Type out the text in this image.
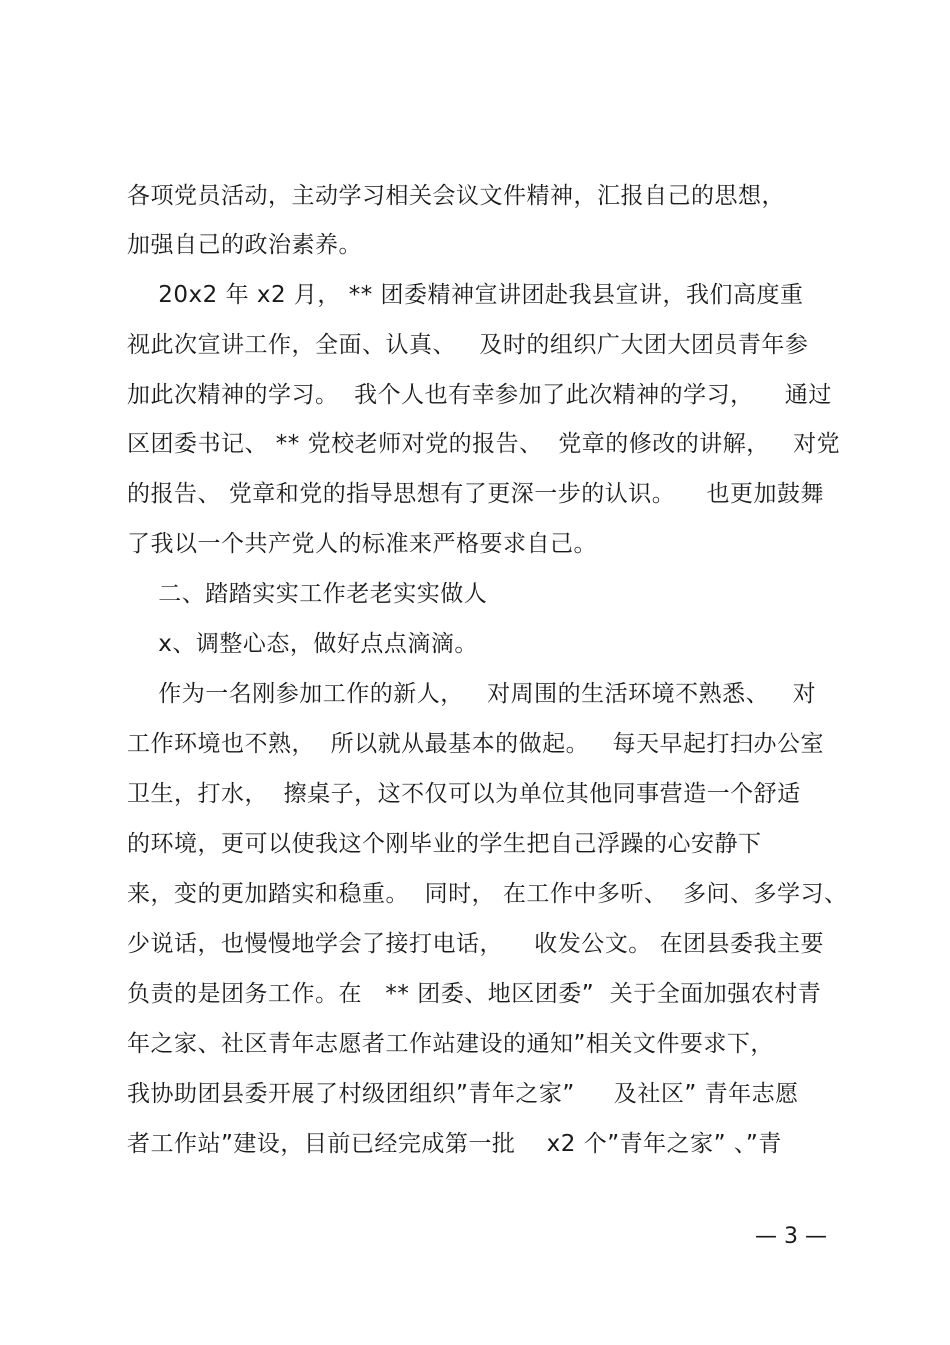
各项党员活动，主动学习相关会议文件精神，汇报自己的思想，
加强自己的政治素养。
20x2 年 x2 月， ** 团委精神宣讲团赴我县宣讲，我们高度重
视此次宣讲工作，全面、认真、   及时的组织广大团大团员青年参
加此次精神的学习。  我个人也有幸参加了此次精神的学习，    通过
区团委书记、 ** 党校老师对党的报告、  党章的修改的讲解，   对党
的报告、 党章和党的指导思想有了更深一步的认识。    也更加鼓舞
了我以一个共产党人的标准来严格要求自己。
二、踏踏实实工作老老实实做人
x、调整心态，做好点点滴滴。
作为一名刚参加工作的新人，   对周围的生活环境不熟悉、   对
工作环境也不熟，  所以就从最基本的做起。   每天早起打扫办公室
卫生，打水，  擦桌子，这不仅可以为单位其他同事营造一个舒适
的环境，更可以使我这个刚毕业的学生把自己浮躁的心安静下
来，变的更加踏实和稳重。  同时， 在工作中多听、  多问、多学习、
少说话，也慢慢地学会了接打电话，    收发公文。 在团县委我主要
负责的是团务工作。在   ** 团委、地区团委”  关于全面加强农村青
年之家、社区青年志愿者工作站建设的通知”相关文件要求下，
我协助团县委开展了村级团组织”青年之家”     及社区” 青年志愿
者工作站”建设，目前已经完成第一批    x2 个”青年之家” 、”青
— 3 —
